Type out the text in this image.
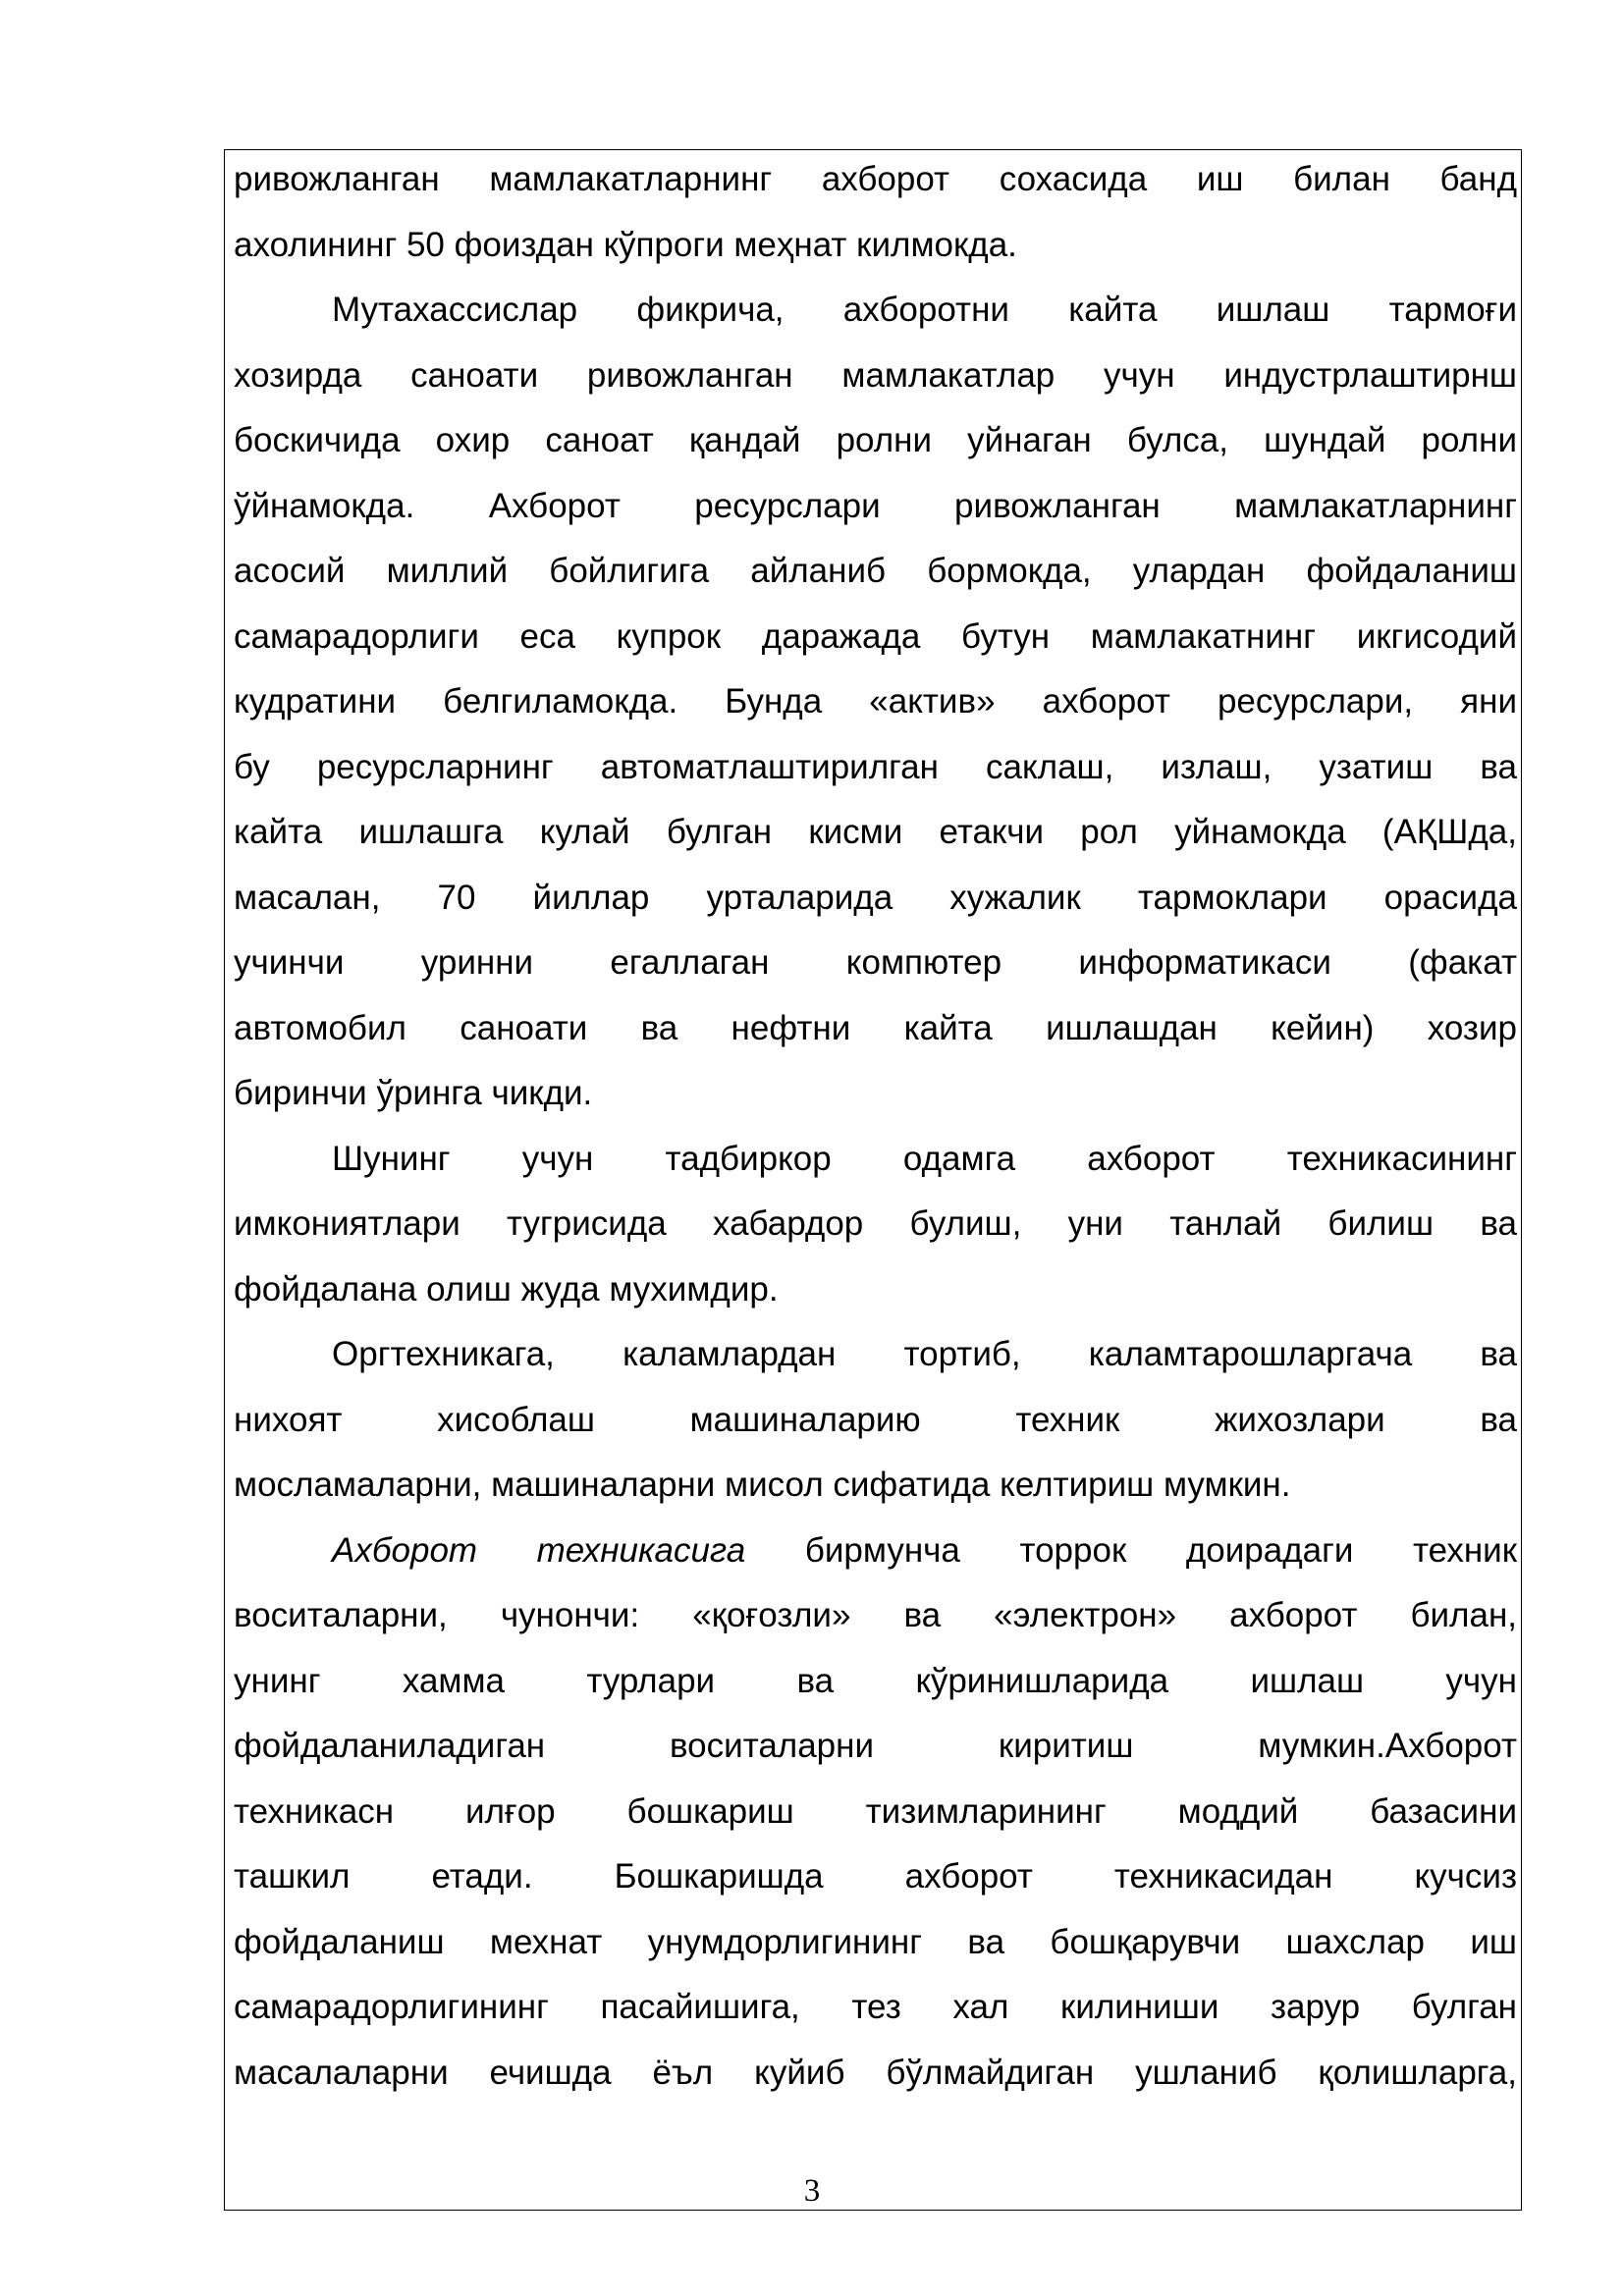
ривожланган мамлакатларнинг ахборот сохасида иш билан банд
ахолининг 50 фоиздан кўпроги меҳнат килмокда.
Мутахассислар фикрича, ахборотни кайта ишлаш тармоғи
хозирда саноати ривожланган мамлакатлар учун индустрлаштирнш
боскичида охир саноат қандай ролни уйнаган булса, шундай ролни
ўйнамокда. Ахборот ресурслари ривожланган мамлакатларнинг
асосий миллий бойлигига айланиб бормокда, улардан фойдаланиш
самарадорлиги еса купрок даражада бутун мамлакатнинг икгисодий
кудратини белгиламокда. Бунда «актив» ахборот ресурслари, яни
бу ресурсларнинг автоматлаштирилган саклаш, излаш, узатиш ва
кайта ишлашга кулай булган кисми етакчи рол уйнамокда (АҚШда,
масалан, 70 йиллар урталарида хужалик тармоклари орасида
учинчи уринни егаллаган компютер информатикаси (факат
автомобил саноати ва нефтни кайта ишлашдан кейин) хозир
биринчи ўринга чикди.
Шунинг учун тадбиркор одамга ахборот техникасининг
имкониятлари тугрисида хабардор булиш, уни танлай билиш ва
фойдалана олиш жуда мухимдир.
Оргтехникага, каламлардан тортиб, каламтарошларгача ва
нихоят хисоблаш машиналарию техник жихозлари ва
мосламаларни, машиналарни мисол сифатида келтириш мумкин.
Ахборот техникасига бирмунча торрок доирадаги техник
воситаларни, чунончи: «қоғозли» ва «электрон» ахборот билан,
унинг хамма турлари ва кўринишларида ишлаш учун
фойдаланиладиган воситаларни киритиш мумкин.Ахборот
техникасн илғор бошкариш тизимларининг моддий базасини
ташкил етади. Бошкаришда ахборот техникасидан кучсиз
фойдаланиш мехнат унумдорлигининг ва бошқарувчи шахслар иш
самарадорлигининг пасайишига, тез хал килиниши зарур булган
масалаларни ечишда ёъл куйиб бўлмайдиган ушланиб қолишларга,
3
